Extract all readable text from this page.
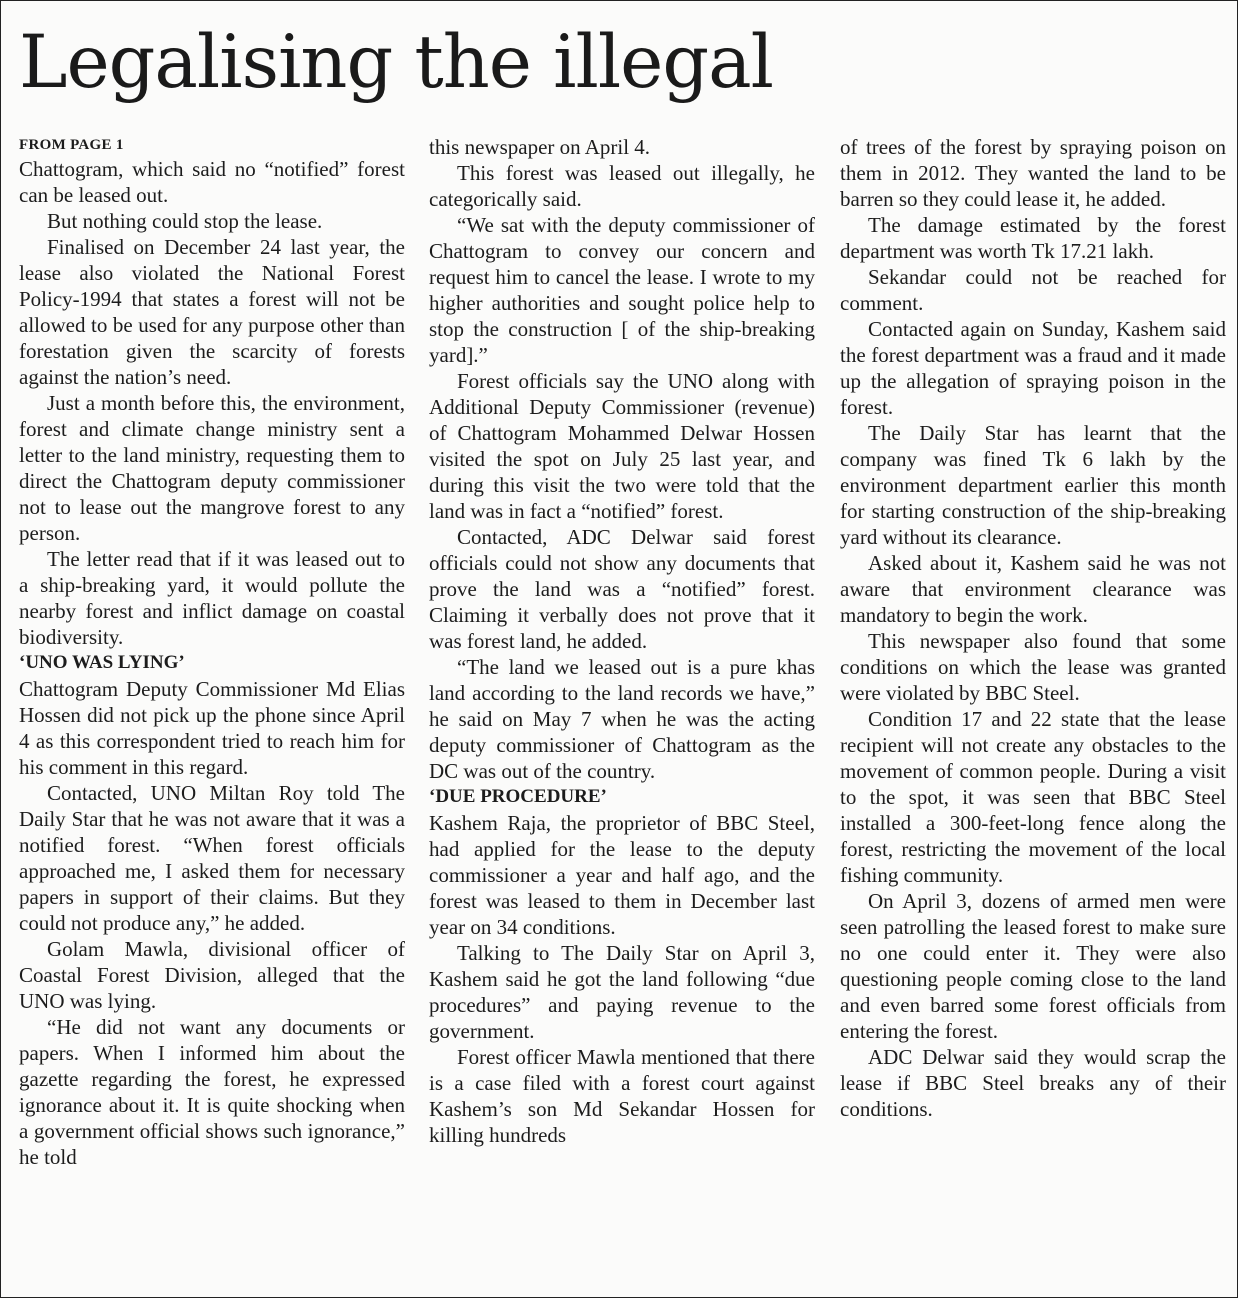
Legalising the illegal
FROM PAGE 1

Chattogram, which said no “notified” forest can be leased out.

But nothing could stop the lease.

Finalised on December 24 last year, the lease also violated the National Forest Policy-1994 that states a forest will not be allowed to be used for any purpose other than forestation given the scarcity of forests against the nation’s need.

Just a month before this, the environment, forest and climate change ministry sent a letter to the land ministry, requesting them to direct the Chattogram deputy commissioner not to lease out the mangrove forest to any person.

The letter read that if it was leased out to a ship-breaking yard, it would pollute the nearby forest and inflict damage on coastal biodiversity.

‘UNO WAS LYING’

Chattogram Deputy Commissioner Md Elias Hossen did not pick up the phone since April 4 as this correspondent tried to reach him for his comment in this regard.

Contacted, UNO Miltan Roy told The Daily Star that he was not aware that it was a notified forest. “When forest officials approached me, I asked them for necessary papers in support of their claims. But they could not produce any,” he added.

Golam Mawla, divisional officer of Coastal Forest Division, alleged that the UNO was lying.

“He did not want any documents or papers. When I informed him about the gazette regarding the forest, he expressed ignorance about it. It is quite shocking when a government official shows such ignorance,” he told

this newspaper on April 4.

This forest was leased out illegally, he categorically said.

“We sat with the deputy commissioner of Chattogram to convey our concern and request him to cancel the lease. I wrote to my higher authorities and sought police help to stop the construction [ of the ship-breaking yard].”

Forest officials say the UNO along with Additional Deputy Commissioner (revenue) of Chattogram Mohammed Delwar Hossen visited the spot on July 25 last year, and during this visit the two were told that the land was in fact a “notified” forest.

Contacted, ADC Delwar said forest officials could not show any documents that prove the land was a “notified” forest. Claiming it verbally does not prove that it was forest land, he added.

“The land we leased out is a pure khas land according to the land records we have,” he said on May 7 when he was the acting deputy commissioner of Chattogram as the DC was out of the country.

‘DUE PROCEDURE’

Kashem Raja, the proprietor of BBC Steel, had applied for the lease to the deputy commissioner a year and half ago, and the forest was leased to them in December last year on 34 conditions.

Talking to The Daily Star on April 3, Kashem said he got the land following “due procedures” and paying revenue to the government.

Forest officer Mawla mentioned that there is a case filed with a forest court against Kashem’s son Md Sekandar Hossen for killing hundreds

of trees of the forest by spraying poison on them in 2012. They wanted the land to be barren so they could lease it, he added.

The damage estimated by the forest department was worth Tk 17.21 lakh.

Sekandar could not be reached for comment.

Contacted again on Sunday, Kashem said the forest department was a fraud and it made up the allegation of spraying poison in the forest.

The Daily Star has learnt that the company was fined Tk 6 lakh by the environment department earlier this month for starting construction of the ship-breaking yard without its clearance.

Asked about it, Kashem said he was not aware that environment clearance was mandatory to begin the work.

This newspaper also found that some conditions on which the lease was granted were violated by BBC Steel.

Condition 17 and 22 state that the lease recipient will not create any obstacles to the movement of common people. During a visit to the spot, it was seen that BBC Steel installed a 300-feet-long fence along the forest, restricting the movement of the local fishing community.

On April 3, dozens of armed men were seen patrolling the leased forest to make sure no one could enter it. They were also questioning people coming close to the land and even barred some forest officials from entering the forest.

ADC Delwar said they would scrap the lease if BBC Steel breaks any of their conditions.
